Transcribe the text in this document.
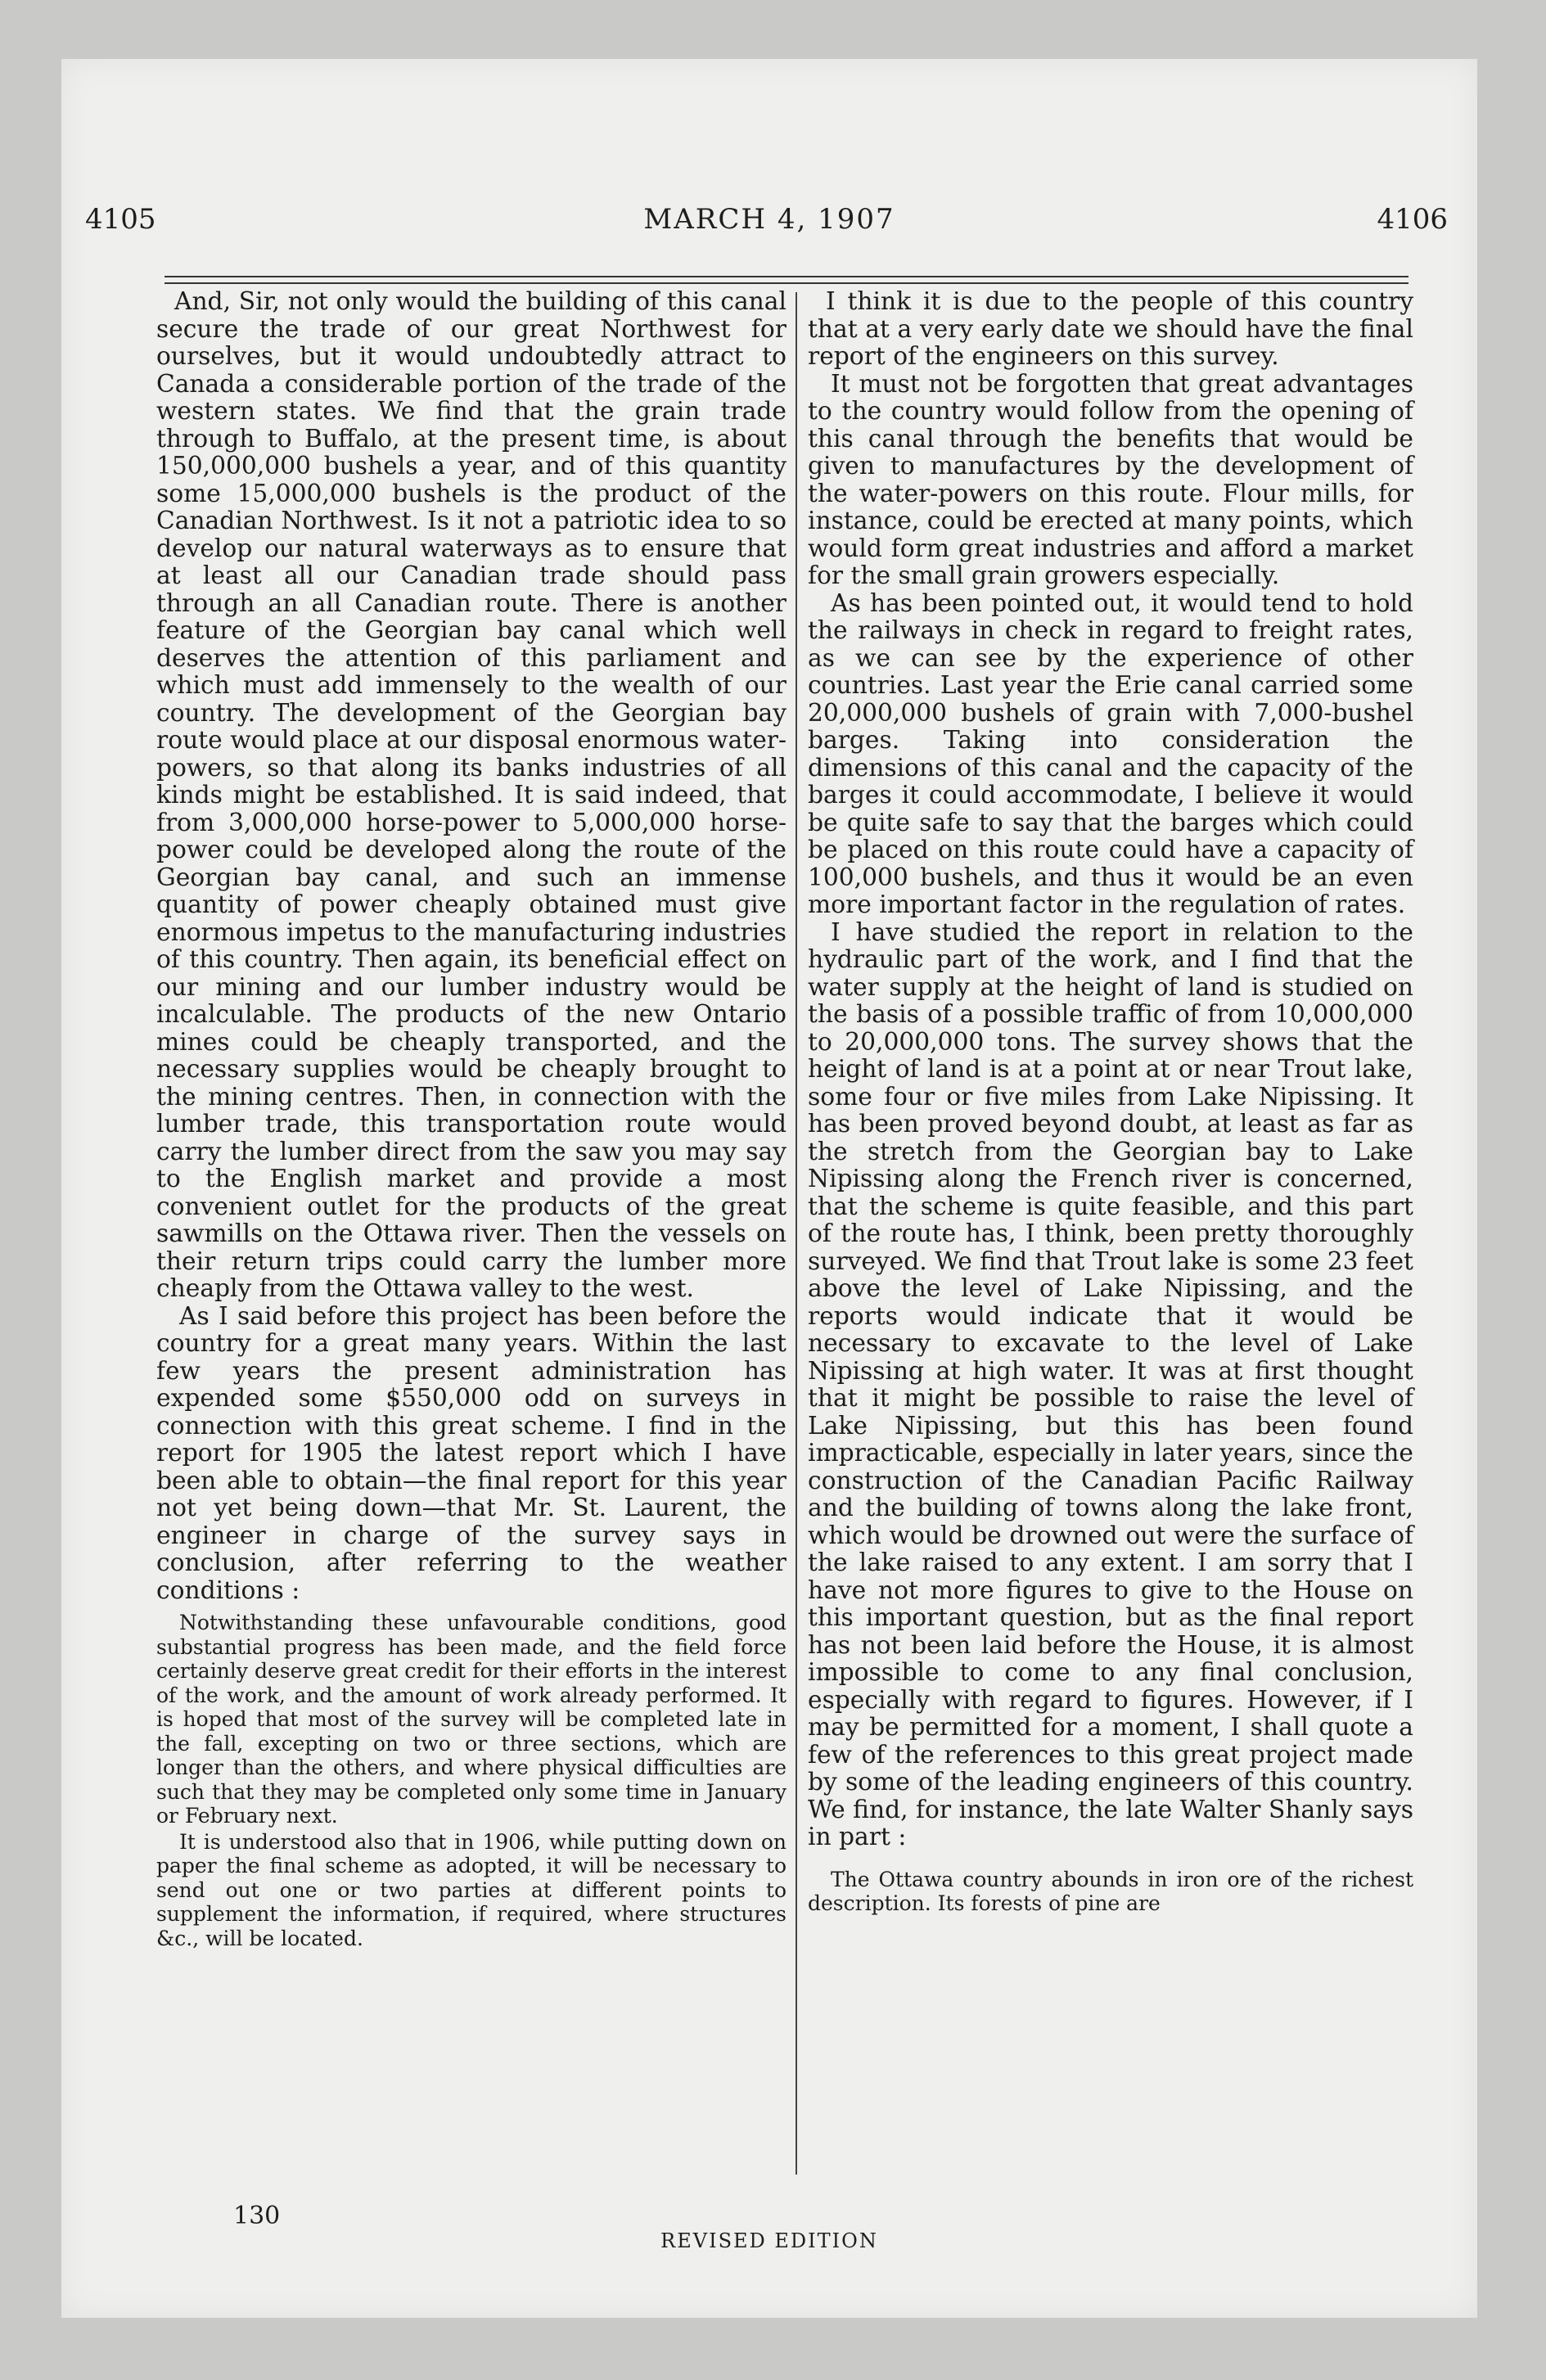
4105	MARCH 4, 1907	4106

And, Sir, not only would the building of this canal secure the trade of our great Northwest for ourselves, but it would undoubtedly attract to Canada a considerable portion of the trade of the western states. We find that the grain trade through to Buffalo, at the present time, is about 150,000,000 bushels a year, and of this quantity some 15,000,000 bushels is the product of the Canadian Northwest. Is it not a patriotic idea to so develop our natural waterways as to ensure that at least all our Canadian trade should pass through an all Canadian route. There is another feature of the Georgian bay canal which well deserves the attention of this parliament and which must add immensely to the wealth of our country. The development of the Georgian bay route would place at our disposal enormous water-powers, so that along its banks industries of all kinds might be established. It is said indeed, that from 3,000,000 horse-power to 5,000,000 horse-power could be developed along the route of the Georgian bay canal, and such an immense quantity of power cheaply obtained must give enormous impetus to the manufacturing industries of this country. Then again, its beneficial effect on our mining and our lumber industry would be incalculable. The products of the new Ontario mines could be cheaply transported, and the necessary supplies would be cheaply brought to the mining centres. Then, in connection with the lumber trade, this transportation route would carry the lumber direct from the saw you may say to the English market and provide a most convenient outlet for the products of the great sawmills on the Ottawa river. Then the vessels on their return trips could carry the lumber more cheaply from the Ottawa valley to the west.

As I said before this project has been before the country for a great many years. Within the last few years the present administration has expended some $550,000 odd on surveys in connection with this great scheme. I find in the report for 1905 the latest report which I have been able to obtain—the final report for this year not yet being down—that Mr. St. Laurent, the engineer in charge of the survey says in conclusion, after referring to the weather conditions :

Notwithstanding these unfavourable conditions, good substantial progress has been made, and the field force certainly deserve great credit for their efforts in the interest of the work, and the amount of work already performed. It is hoped that most of the survey will be completed late in the fall, excepting on two or three sections, which are longer than the others, and where physical difficulties are such that they may be completed only some time in January or February next.

It is understood also that in 1906, while putting down on paper the final scheme as adopted, it will be necessary to send out one or two parties at different points to supplement the information, if required, where structures &c., will be located.

I think it is due to the people of this country that at a very early date we should have the final report of the engineers on this survey.

It must not be forgotten that great advantages to the country would follow from the opening of this canal through the benefits that would be given to manufactures by the development of the water-powers on this route. Flour mills, for instance, could be erected at many points, which would form great industries and afford a market for the small grain growers especially.

As has been pointed out, it would tend to hold the railways in check in regard to freight rates, as we can see by the experience of other countries. Last year the Erie canal carried some 20,000,000 bushels of grain with 7,000-bushel barges. Taking into consideration the dimensions of this canal and the capacity of the barges it could accommodate, I believe it would be quite safe to say that the barges which could be placed on this route could have a capacity of 100,000 bushels, and thus it would be an even more important factor in the regulation of rates.

I have studied the report in relation to the hydraulic part of the work, and I find that the water supply at the height of land is studied on the basis of a possible traffic of from 10,000,000 to 20,000,000 tons. The survey shows that the height of land is at a point at or near Trout lake, some four or five miles from Lake Nipissing. It has been proved beyond doubt, at least as far as the stretch from the Georgian bay to Lake Nipissing along the French river is concerned, that the scheme is quite feasible, and this part of the route has, I think, been pretty thoroughly surveyed. We find that Trout lake is some 23 feet above the level of Lake Nipissing, and the reports would indicate that it would be necessary to excavate to the level of Lake Nipissing at high water. It was at first thought that it might be possible to raise the level of Lake Nipissing, but this has been found impracticable, especially in later years, since the construction of the Canadian Pacific Railway and the building of towns along the lake front, which would be drowned out were the surface of the lake raised to any extent. I am sorry that I have not more figures to give to the House on this important question, but as the final report has not been laid before the House, it is almost impossible to come to any final conclusion, especially with regard to figures. However, if I may be permitted for a moment, I shall quote a few of the references to this great project made by some of the leading engineers of this country. We find, for instance, the late Walter Shanly says in part :

The Ottawa country abounds in iron ore of the richest description. Its forests of pine are

130
REVISED EDITION
